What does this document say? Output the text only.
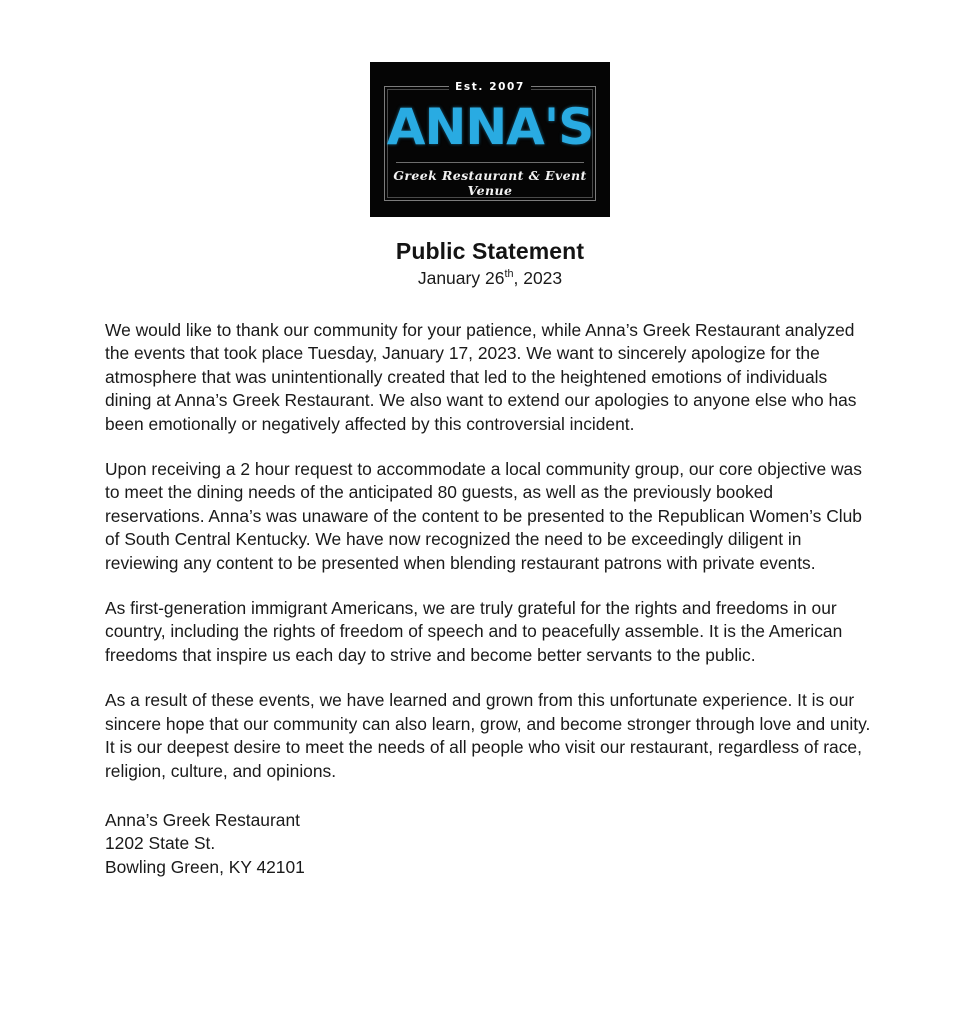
Est. 2007
ANNA'S
Greek Restaurant & Event Venue
Public Statement
January 26th, 2023

We would like to thank our community for your patience, while Anna’s Greek Restaurant analyzed the events that took place Tuesday, January 17, 2023. We want to sincerely apologize for the atmosphere that was unintentionally created that led to the heightened emotions of individuals dining at Anna’s Greek Restaurant. We also want to extend our apologies to anyone else who has been emotionally or negatively affected by this controversial incident.

Upon receiving a 2 hour request to accommodate a local community group, our core objective was to meet the dining needs of the anticipated 80 guests, as well as the previously booked reservations. Anna’s was unaware of the content to be presented to the Republican Women’s Club of South Central Kentucky. We have now recognized the need to be exceedingly diligent in reviewing any content to be presented when blending restaurant patrons with private events.

As first-generation immigrant Americans, we are truly grateful for the rights and freedoms in our country, including the rights of freedom of speech and to peacefully assemble. It is the American freedoms that inspire us each day to strive and become better servants to the public.

As a result of these events, we have learned and grown from this unfortunate experience. It is our sincere hope that our community can also learn, grow, and become stronger through love and unity. It is our deepest desire to meet the needs of all people who visit our restaurant, regardless of race, religion, culture, and opinions.

Anna’s Greek Restaurant
1202 State St.
Bowling Green, KY 42101
